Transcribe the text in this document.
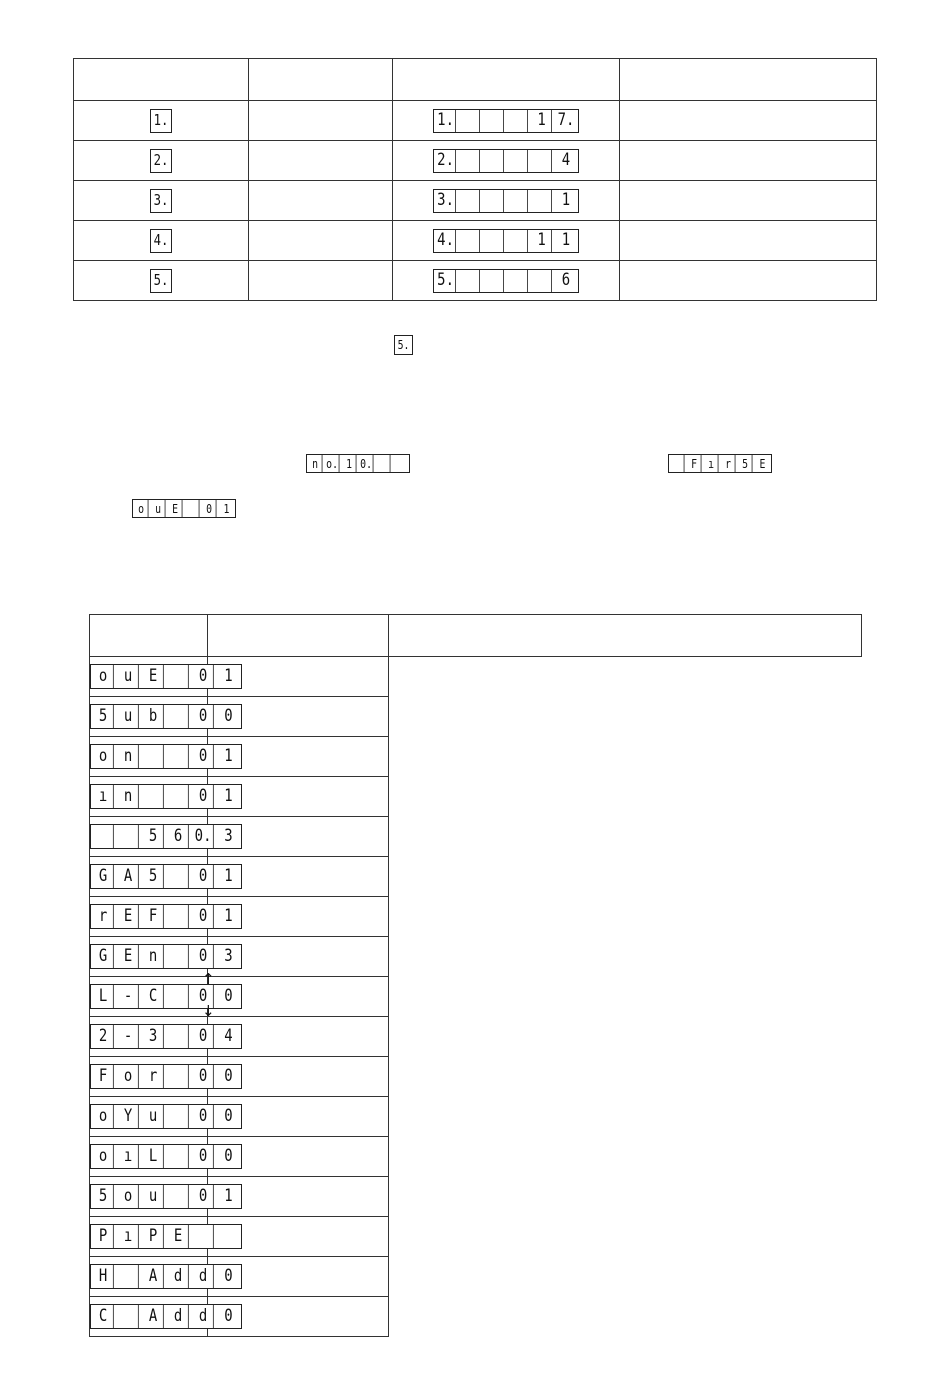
1.		1. 1 7.	

2.		2. 4	

3.		3. 1	

4.		4. 1 1	

5.		5. 6	

5.
n o. 1 0.	F ı r 5 E
o u E	0 1
↑
↓		

o u E 0 1		

5 u b 0 0		

o n 0 1		

ı n 0 1		

5 6 0. 3		

G A 5 0 1		

r E F 0 1		

G E n 0 3		

L - C 0 0		

2 - 3 0 4		

F o r 0 0		

o Y u 0 0		

o ı L 0 0		

5 o u 0 1		

P ı P E		

H A d d 0		

C A d d 0		
